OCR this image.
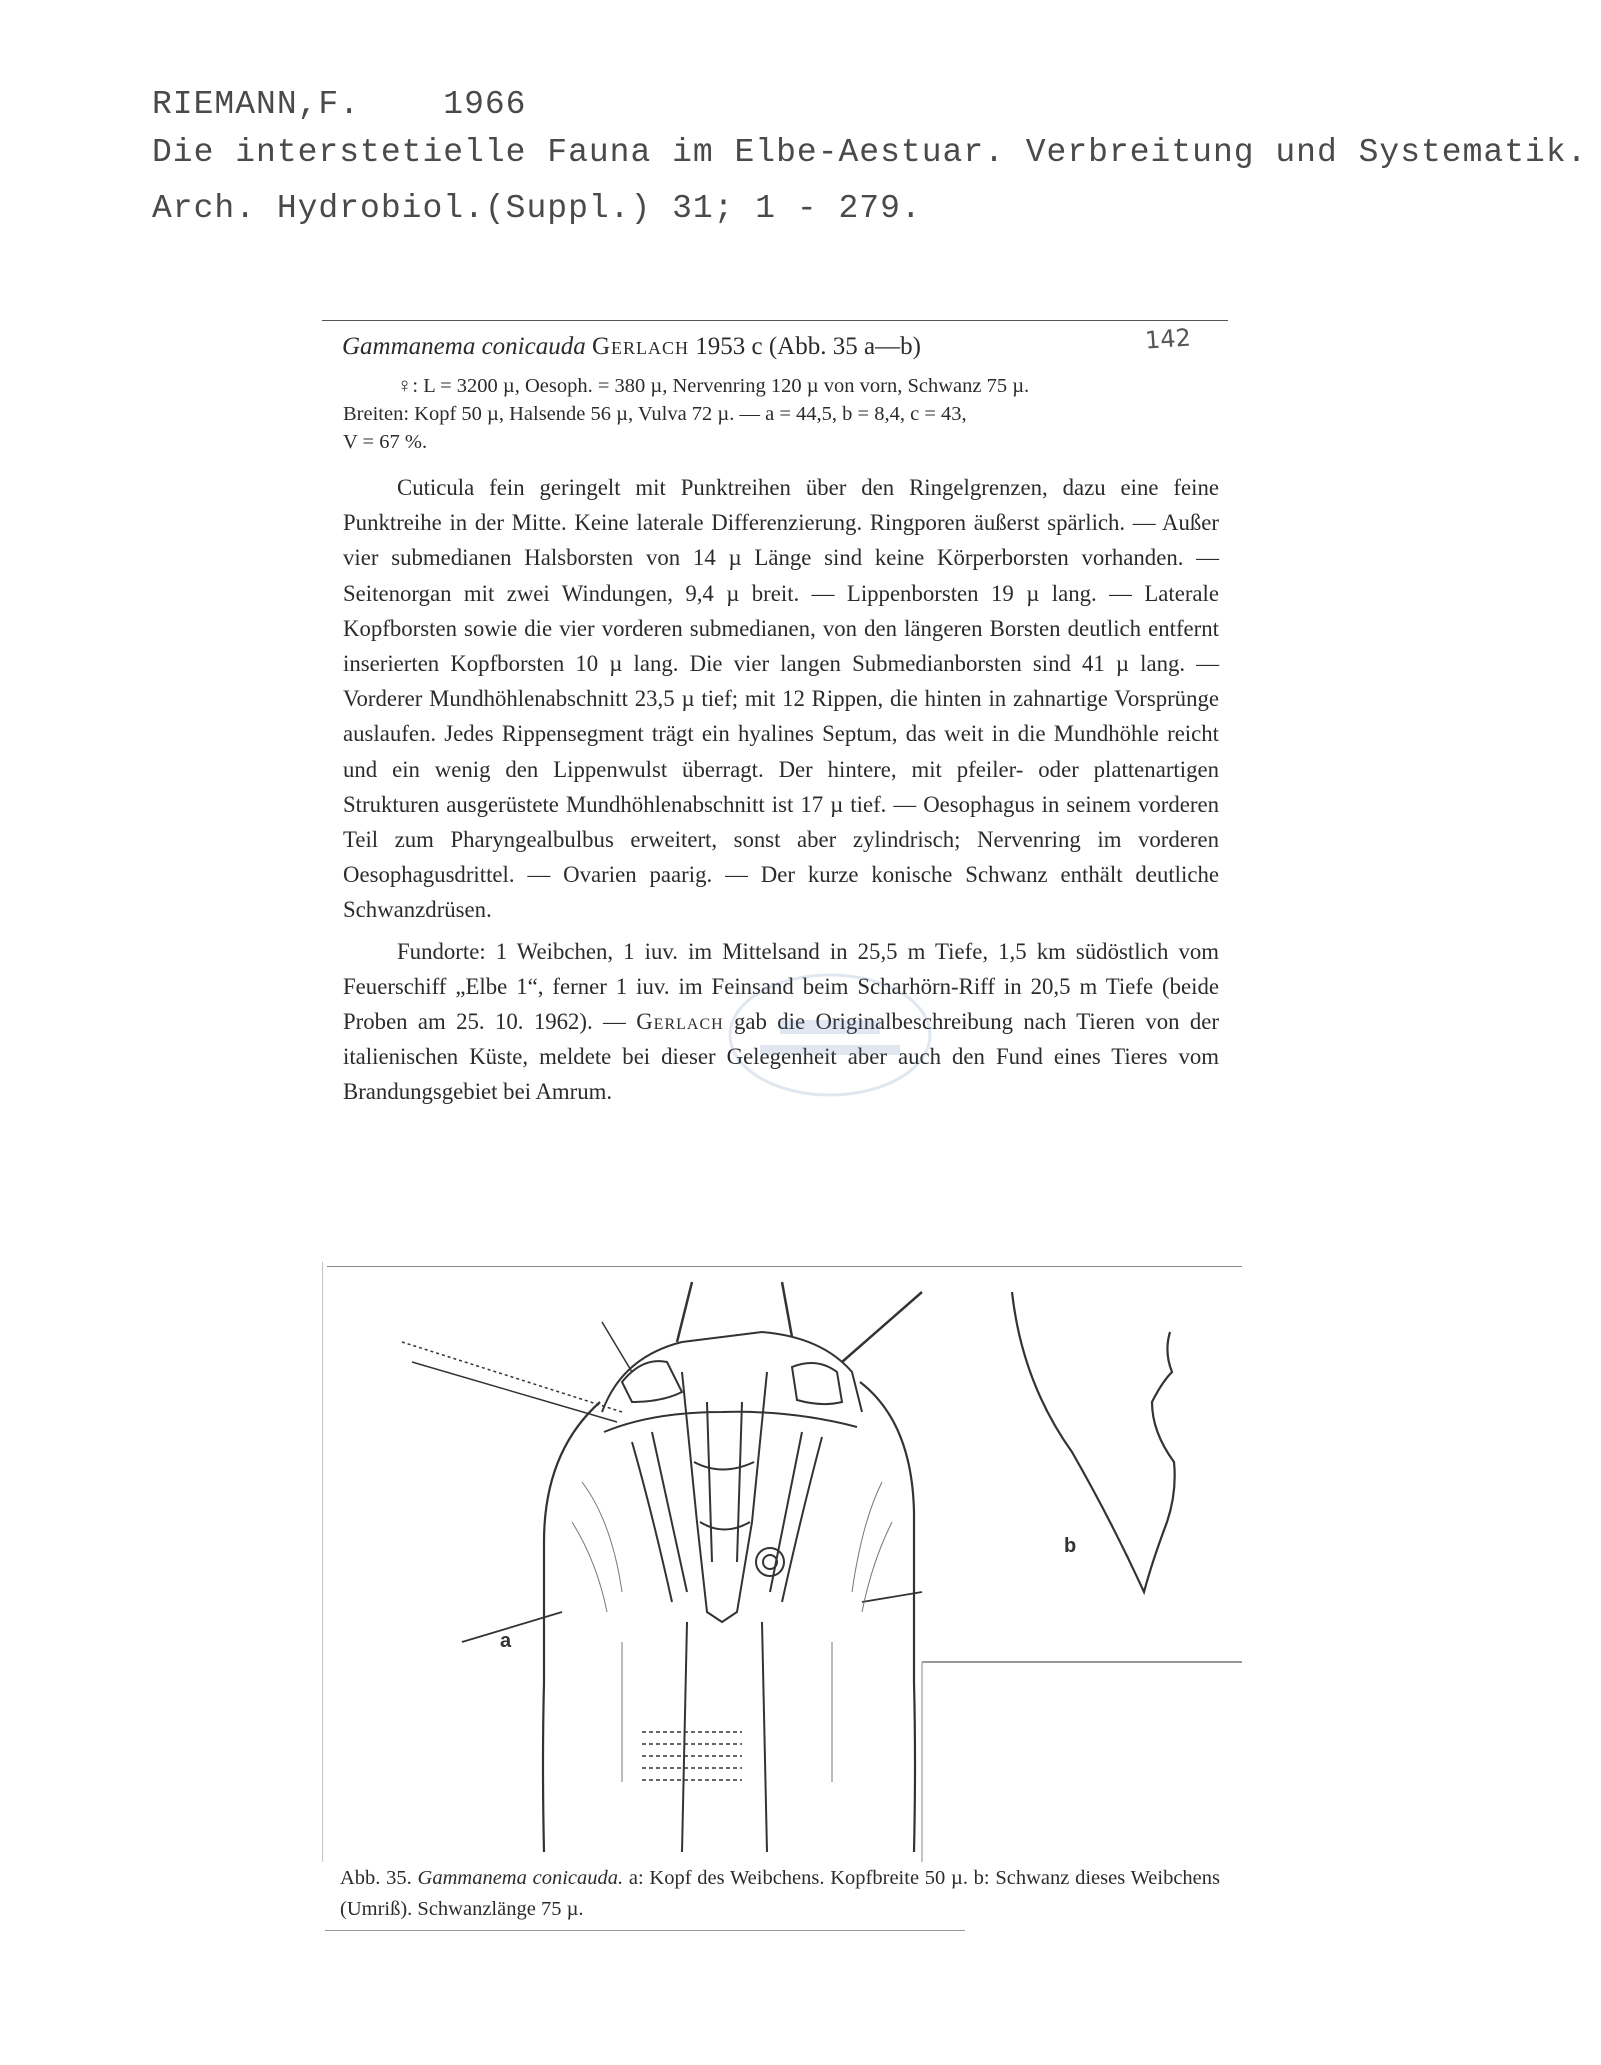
RIEMANN,F.	1966
Die interstetielle Fauna im Elbe-Aestuar. Verbreitung und Systematik.
Arch. Hydrobiol.(Suppl.) 31; 1 - 279.
Gammanema conicauda Gerlach 1953 c (Abb. 35 a—b)	142

♀: L = 3200 µ, Oesoph. = 380 µ, Nervenring 120 µ von vorn, Schwanz 75 µ.

Breiten: Kopf 50 µ, Halsende 56 µ, Vulva 72 µ. — a = 44,5, b = 8,4, c = 43,

V = 67 %.

Cuticula fein geringelt mit Punktreihen über den Ringelgrenzen, dazu eine feine Punktreihe in der Mitte. Keine laterale Differenzierung. Ringporen äußerst spärlich. — Außer vier submedianen Halsborsten von 14 µ Länge sind keine Körperborsten vorhanden. — Seitenorgan mit zwei Windungen, 9,4 µ breit. — Lippenborsten 19 µ lang. — Laterale Kopfborsten sowie die vier vorderen submedianen, von den längeren Borsten deutlich entfernt inserierten Kopfborsten 10 µ lang. Die vier langen Submedianborsten sind 41 µ lang. — Vorderer Mundhöhlenabschnitt 23,5 µ tief; mit 12 Rippen, die hinten in zahnartige Vorsprünge auslaufen. Jedes Rippensegment trägt ein hyalines Septum, das weit in die Mundhöhle reicht und ein wenig den Lippenwulst überragt. Der hintere, mit pfeiler- oder plattenartigen Strukturen ausgerüstete Mundhöhlenabschnitt ist 17 µ tief. — Oesophagus in seinem vorderen Teil zum Pharyngealbulbus erweitert, sonst aber zylindrisch; Nervenring im vorderen Oesophagusdrittel. — Ovarien paarig. — Der kurze konische Schwanz enthält deutliche Schwanzdrüsen.

Fundorte: 1 Weibchen, 1 iuv. im Mittelsand in 25,5 m Tiefe, 1,5 km südöstlich vom Feuerschiff „Elbe 1“, ferner 1 iuv. im Feinsand beim Scharhörn-Riff in 20,5 m Tiefe (beide Proben am 25. 10. 1962). — Gerlach gab die Originalbeschreibung nach Tieren von der italienischen Küste, meldete bei dieser Gelegenheit aber auch den Fund eines Tieres vom Brandungsgebiet bei Amrum.

a
b
Abb. 35. Gammanema conicauda. a: Kopf des Weibchens. Kopfbreite 50 µ. b: Schwanz dieses Weibchens (Umriß). Schwanzlänge 75 µ.
